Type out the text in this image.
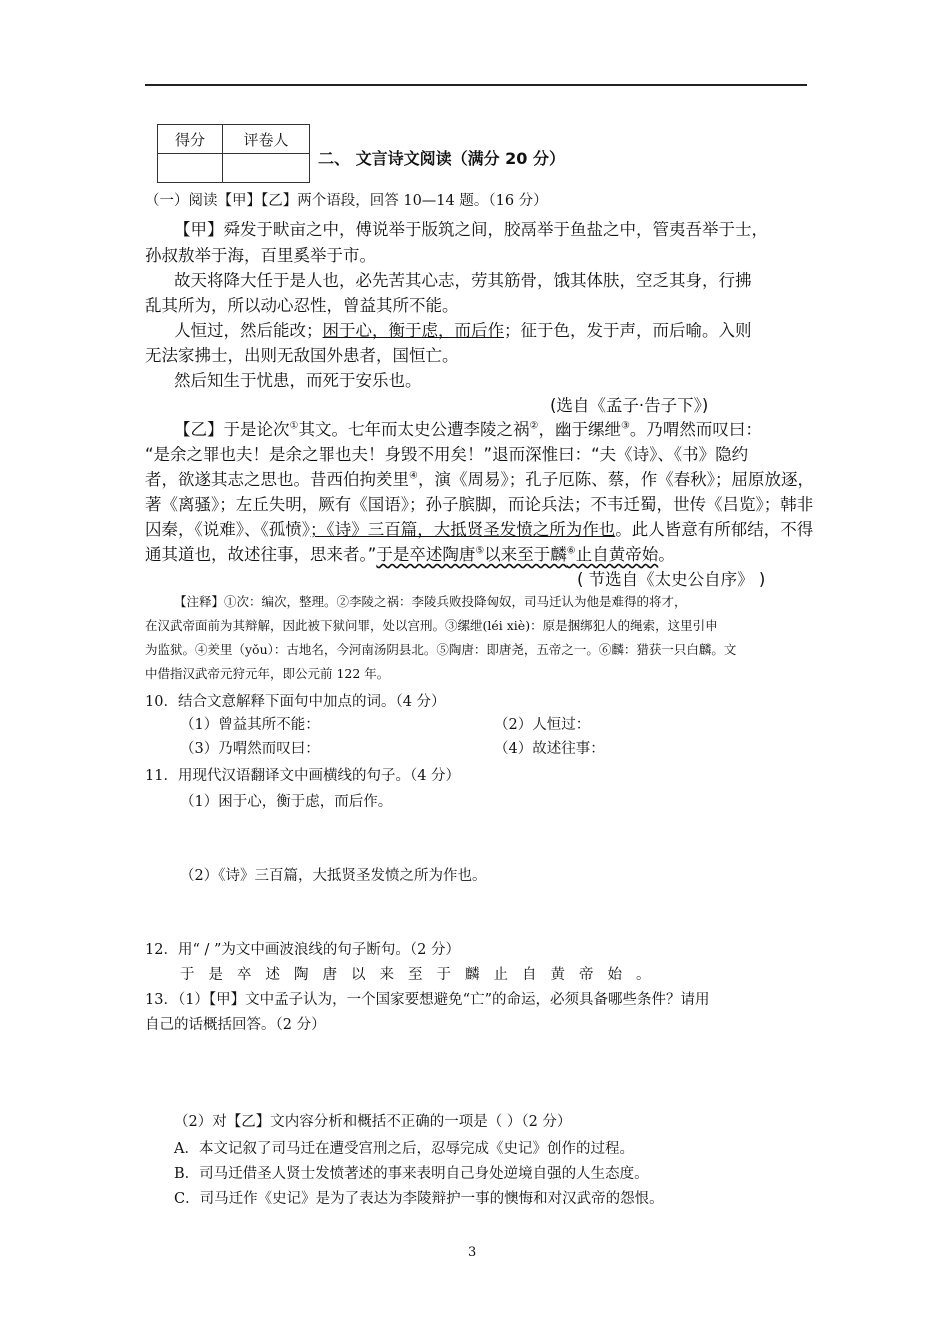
得分	评卷人

二、 文言诗文阅读（满分 20 分）
（一）阅读【甲】【乙】两个语段，回答 10—14 题。（16 分）
【甲】舜发于畎亩之中，傅说举于版筑之间，胶鬲举于鱼盐之中，管夷吾举于士，
孙叔敖举于海，百里奚举于市。
故天将降大任于是人也，必先苦其心志，劳其筋骨，饿其体肤，空乏其身，行拂
乱其所为，所以动心忍性，曾益其所不能。
人恒过，然后能改；困于心，衡于虑，而后作；征于色，发于声，而后喻。入则
无法家拂士，出则无敌国外患者，国恒亡。
然后知生于忧患，而死于安乐也。
(选自《孟子·告子下》)
【乙】于是论次①其文。七年而太史公遭李陵之祸②，幽于缧绁③。乃喟然而叹曰：
“是余之罪也夫！是余之罪也夫！身毁不用矣！”退而深惟曰：“夫《诗》、《书》隐约
者，欲遂其志之思也。昔西伯拘羑里④，演《周易》；孔子厄陈、蔡，作《春秋》；屈原放逐，
著《离骚》；左丘失明，厥有《国语》；孙子膑脚，而论兵法；不韦迁蜀，世传《吕览》；韩非
囚秦，《说难》、《孤愤》；《诗》三百篇，大抵贤圣发愤之所为作也。此人皆意有所郁结，不得
通其道也，故述往事，思来者。”于是卒述陶唐⑤以来至于麟⑥止自黄帝始。
( 节选自《太史公自序》 )
【注释】①次：编次，整理。②李陵之祸：李陵兵败投降匈奴，司马迁认为他是难得的将才，
在汉武帝面前为其辩解，因此被下狱问罪，处以宫刑。③缧绁(léi xiè)：原是捆绑犯人的绳索，这里引申
为监狱。④羑里（yǒu）：古地名，今河南汤阴县北。⑤陶唐：即唐尧，五帝之一。⑥麟：猎获一只白麟。文
中借指汉武帝元狩元年，即公元前 122 年。
10．结合文意解释下面句中加点的词。（4 分）
（1）曾益其所不能：	（2）人恒过：
（3）乃喟然而叹曰：	（4）故述往事：
11．用现代汉语翻译文中画横线的句子。（4 分）
（1）困于心，衡于虑，而后作。
（2）《诗》三百篇，大抵贤圣发愤之所为作也。
12．用“ / ”为文中画波浪线的句子断句。（2 分）
于是卒述陶唐以来至于麟止自黄帝始。
13．（1）【甲】文中孟子认为，一个国家要想避免“亡”的命运，必须具备哪些条件？请用
自己的话概括回答。（2 分）
（2）对【乙】文内容分析和概括不正确的一项是（ ）（2 分）
A．本文记叙了司马迁在遭受宫刑之后，忍辱完成《史记》创作的过程。
B．司马迁借圣人贤士发愤著述的事来表明自己身处逆境自强的人生态度。
C．司马迁作《史记》是为了表达为李陵辩护一事的懊悔和对汉武帝的怨恨。
3
